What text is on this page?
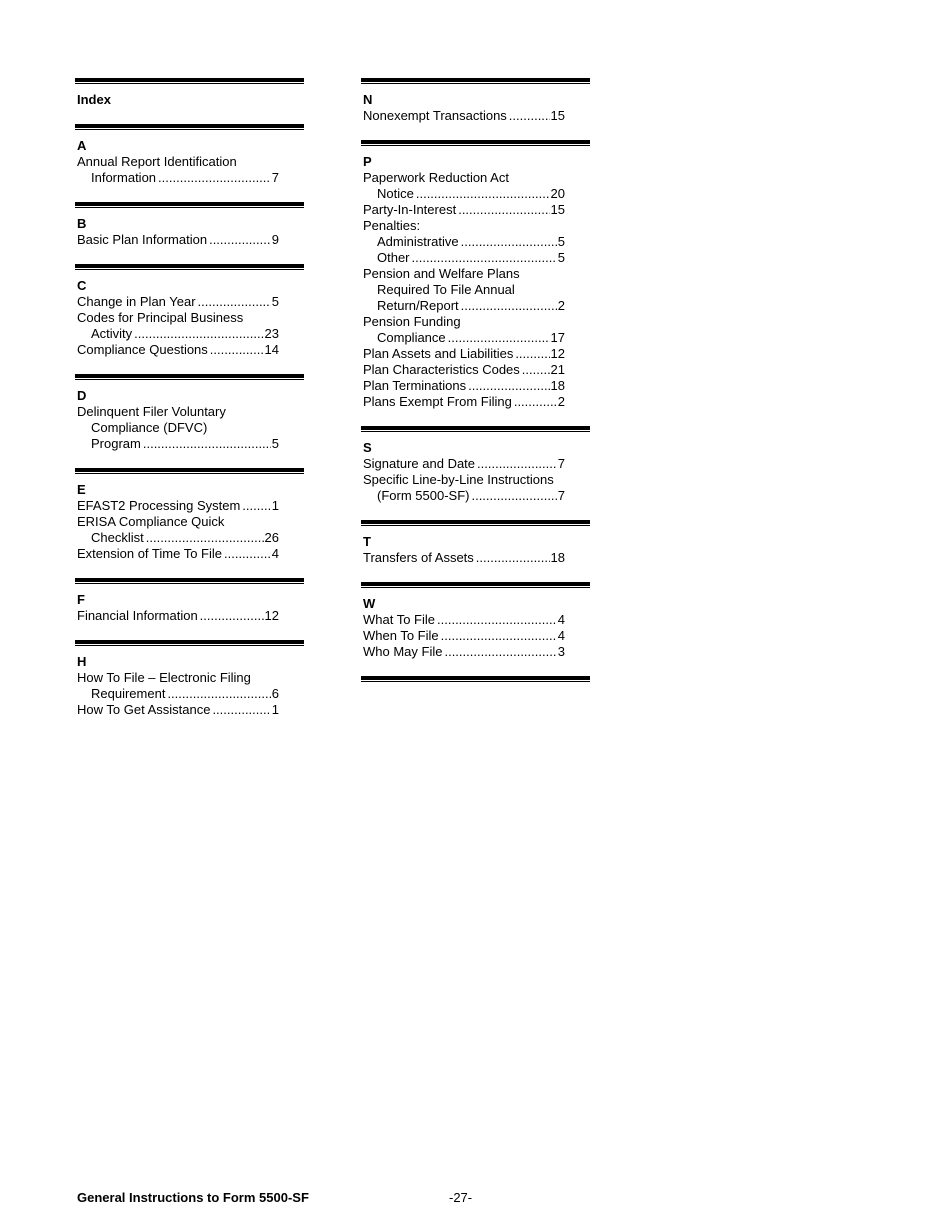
Index
A
Annual Report Identification
Information .....	7
B
Basic Plan Information .....	9
C
Change in Plan Year .....	5
Codes for Principal Business
Activity .....	23
Compliance Questions .....	14
D
Delinquent Filer Voluntary
Compliance (DFVC)
Program .....	5
E
EFAST2 Processing System ..... 1
ERISA Compliance Quick
Checklist .....	26
Extension of Time To File .....	4
F
Financial Information .....	12
H
How To File – Electronic Filing
Requirement .....	6
How To Get Assistance .....	1
N
Nonexempt Transactions .....	15
P
Paperwork Reduction Act
Notice .....	20
Party-In-Interest .....	15
Penalties:
Administrative .....	5
Other .....	5
Pension and Welfare Plans
Required To File Annual
Return/Report .....	2
Pension Funding
Compliance .....	17
Plan Assets and Liabilities .....	12
Plan Characteristics Codes ..... 21
Plan Terminations .....	18
Plans Exempt From Filing .....	2
S
Signature and Date .....	7
Specific Line-by-Line Instructions
(Form 5500-SF) .....	7
T
Transfers of Assets .....	18
W
What To File .....	4
When To File .....	4
Who May File .....	3
General Instructions to Form 5500-SF	-27-
